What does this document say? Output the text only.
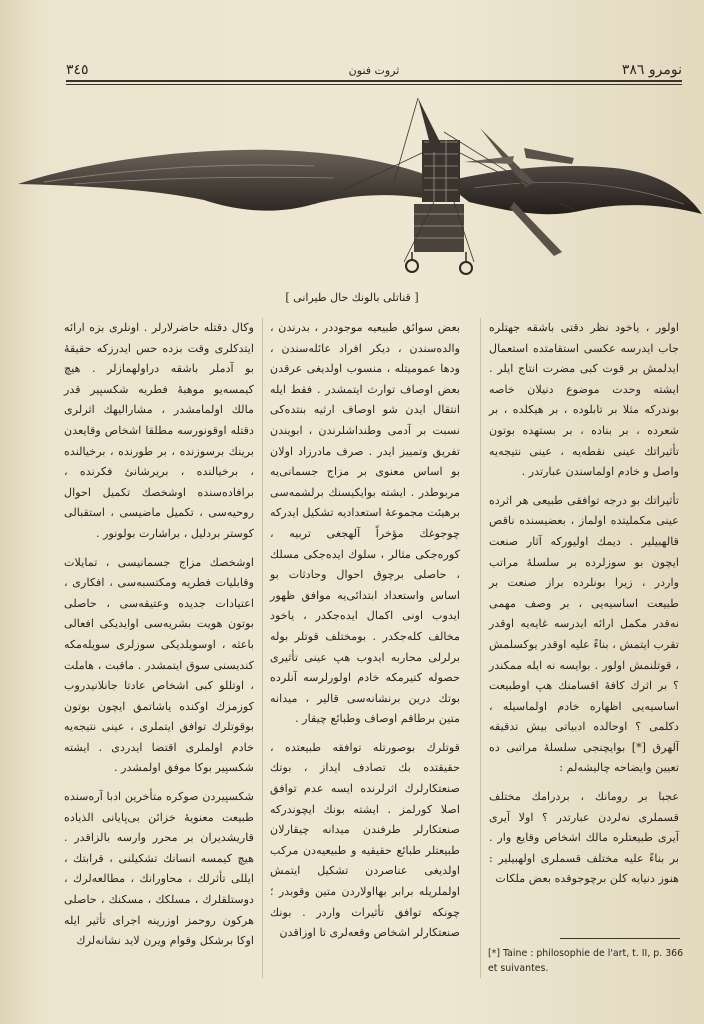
نومرو ۳۸٦
ثروت فنون
۳٤٥
[ قناتلی بالونك حال طیرانی ]

اولور ، یاخود نظر دقتی باشقه جهتلره جاب ایدرسه عکسی استقامتده استعمال ایدلمش بر قوت کبی مضرت انتاج ایلر . ایشته وحدت موضوع دنیلان خاصه بوندرکه مثلا بر تابلوده ، بر هیکلده ، بر شعرده ، بر بناده ، بر بستهده بوتون تأثیراتك عینی نقطه‌یه ، عینی نتیجه‌یه واصل و خادم اولماسندن عبارتدر .

تأثیراتك بو درجه توافقی طبیعی هر اثرده عینی مکملیتده اولماز ، بعضیسنده ناقص قالهبیلیر . دیمك اولیورکه آثار صنعت ایچون بو سوزلرده بر سلسلهٔ مراتب واردر ، زیرا بونلرده براز صنعت بر طبیعت اساسیه‌یی ، بر وصف مهمی نه‌قدر مکمل ارائه ایدرسه غایه‌یه اوقدر تقرب ایتمش ، بناءً علیه اوقدر یوکسلمش ، قوتلنمش اولور . بوایسه نه ایله ممکندر ؟ بر اثرك کافهٔ اقسامنك هپ اوطبیعت اساسیه‌یی اظهاره خادم اولماسیله ، دکلمی ؟ اوحالده ادبیاتی بیش تدقیقه آلهرق [*] بوایچنجی سلسلهٔ مراتبی ده تعیین وایضاحه چالیشه‌لم :

عجبا بر رومانك ، بردرامك مختلف قسملری نه‌لردن عبارتدر ؟ اولا آیری آیری طبیعتلره مالك اشخاص وقایع وار . بر بناءً علیه مختلف قسملری اولهبیلیر : هنوز دنیایه کلن برچوجوقده بعض ملکات

بعض سوائق طبیعیه موجوددر ، بدرندن ، والده‌سندن ، دیکر افراد عائله‌سندن ، ودها عمومیتله ، منسوب اولدیغی عرقدن بعض اوصاف توارث ایتمشدر . فقط ایله انتقال ایدن شو اوصاف ارثیه بنتده‌کی نسبت بر آدمی وطنداشلرندن ، ابویندن تفریق وتمییز ایدر . صرف مادرزاد اولان بو اساس معنوی بر مزاج جسمانی‌یه مربوطدر . ایشته بوایکیسنك برلشمه‌سی برهیئت مجموعهٔ استعدادیه تشکیل ایدرکه چوجوغك مؤخراً آلهجغی تربیه ، کوره‌جکی مثالر ، سلوك ایده‌جکی مسلك ، حاصلی برچوق احوال وحادثات بو اساس واستعداد ابتدائی‌یه موافق ظهور ایدوب اونی اکمال ایده‌جکدر ، یاخود مخالف کله‌جکدر . بومختلف قوتلر بوله برلرلی محاربه ایدوب هپ عینی تأثیری حصوله کتیرمکه خادم اولورلرسه آنلرده بوتك درین برنشانه‌سی قالیر ، میدانه متین برطاقم اوصاف وطبائع چیقار .

قوتلرك بوصورتله توافقه طبیعتده ، حقیقتده بك تصادف ایداز ، بوتك صنعتکارلرك اثرلرنده ایسه عدم توافق اصلا کورلمز . ایشته بونك ایچوندرکه صنعتکارلر طرفندن میدانه چیقارلان طبیعتلر طبائع حقیقیه و طبیعیه‌دن مرکب اولدیغی عناصردن تشکیل ایتمش اولملریله برابر بهااولاردن متین وقوبدر ؛ چونکه توافق تأثیرات واردر . بونك صنعتکارلر اشخاص وقعه‌لری تا اوزاقدن

وکال دقتله حاضرلارلر . اونلری بزه ارائه ایتدکلری وقت بزده حس ایدرزکه حقیقهٔ بو آدملر باشقه دراولهمازلر . هیچ کیمسه‌یو موهبهٔ فطریه شکسپیر قدر مالك اولمامشدر ، مشارالیهك اثرلری دقتله اوقونورسه مطلقا اشخاص وقایعدن برینك برسوزنده ، بر طورنده ، برخیالنده ، برخیالنده ، بریرشانیٔ فکرنده ، برافاده‌سنده اوشخصك تکمیل احوال روحیه‌سی ، تکمیل ماضیسی ، استقبالی کوستر بردلیل ، براشارت بولونور .

اوشخصك مزاج جسمانیسی ، تمایلات وقابلیات فطریه ومکتسبه‌سی ، افکاری ، اعتیادات جدیده وعتیقه‌سی ، حاصلی بوتون هویت بشریه‌سی اوایدیکی افعالی باعثه ، اوسویلدیکی سوزلری سویله‌مکه کندیسنی سوق ایتمشدر . ماقبت ، هاملت ، اوتللو کبی اشخاص عادتا جانلانیدروب کوزمزك اوکنده یاشاتمق ایچون بوتون بوقوتلرك توافق ایتملری ، عینی نتیجه‌یه خادم اولملری اقتضا ایدردی . ایشته شکسپیر بوکا موفق اولمشدر .

شکسپیردن صوکره متأخرین ادبا آره‌سنده طبیعت معنویهٔ خزائن بی‌پایانی الذیاده قاریشدیران بر محرر وارسه بالزاقدر . هیچ کیمسه انسانك تشکیلنی ، قرابتك ، ایللی تأثرلك ، محاورانك ، مطالعه‌لرك ، دوستلقلرك ، مسلکك ، مسکنك ، حاصلی هرکون روحمز اوزرینه اجرای تأثیر ایله اوکا برشکل وقوام ویرن لاید نشانه‌لرك

[*] Taine : philosophie de l'art, t. II, p. 366 et suivantes.
